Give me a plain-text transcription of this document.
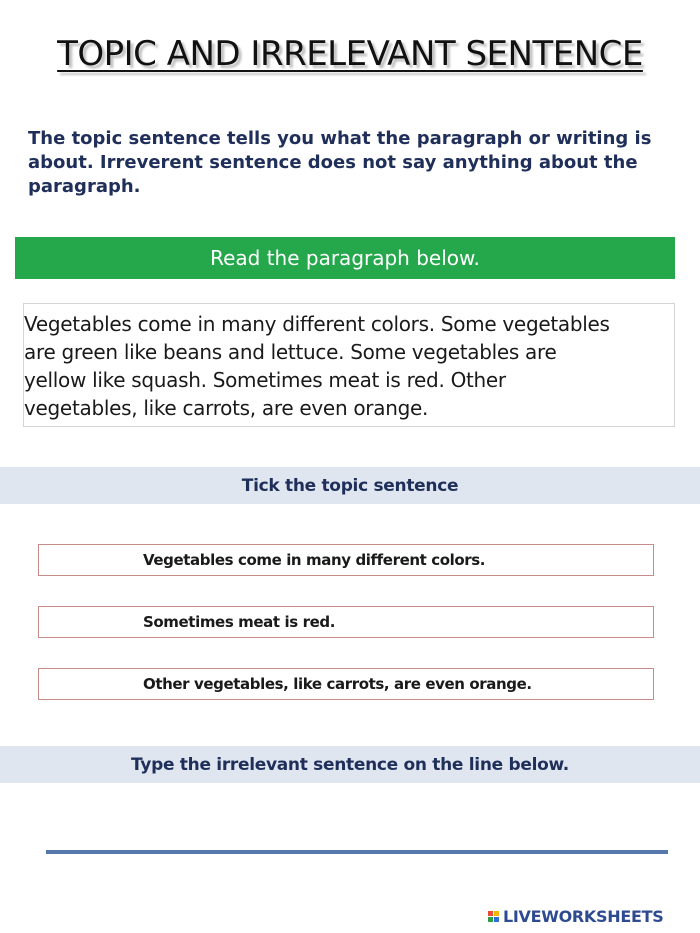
TOPIC AND IRRELEVANT SENTENCE
The topic sentence tells you what the paragraph or writing is about. Irreverent sentence does not say anything about the paragraph.
Read the paragraph below.
Vegetables come in many different colors. Some vegetables
are green like beans and lettuce. Some vegetables are
yellow like squash. Sometimes meat is red. Other
vegetables, like carrots, are even orange.
Tick the topic sentence
Vegetables come in many different colors.
Sometimes meat is red.
Other vegetables, like carrots, are even orange.
Type the irrelevant sentence on the line below.
LIVEWORKSHEETS
